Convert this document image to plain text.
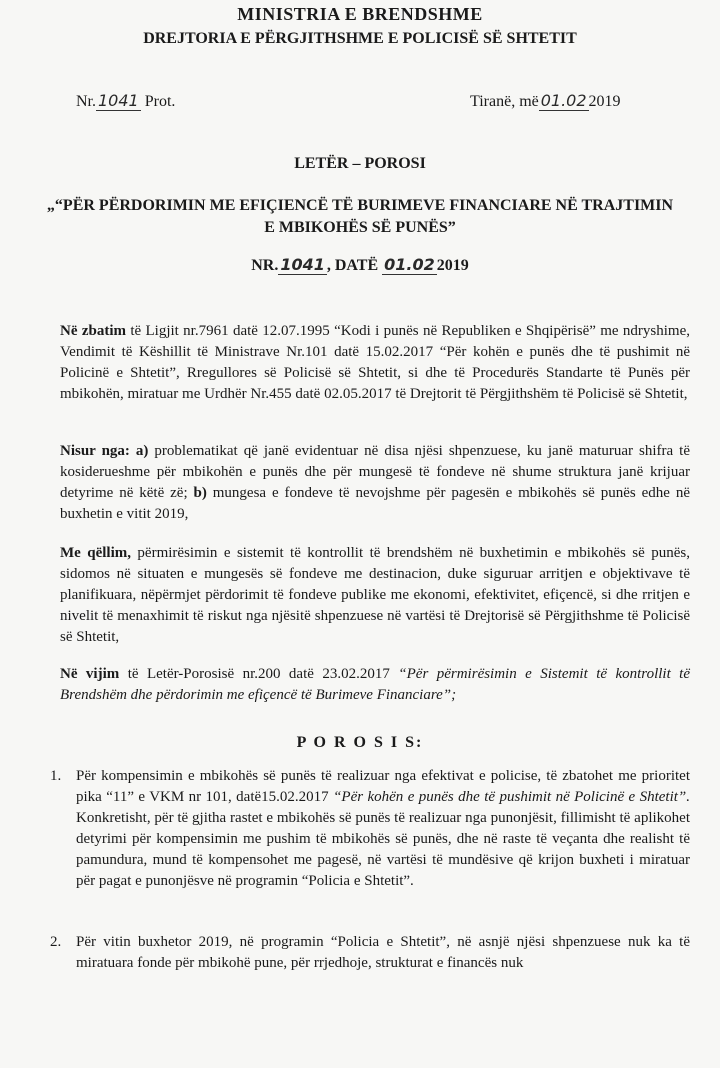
MINISTRIA E BRENDSHME
DREJTORIA E PËRGJITHSHME E POLICISË SË SHTETIT
Nr. 1041 Prot.	Tiranë, më 01.02 2019
LETËR – POROSI
„“PËR PËRDORIMIN ME EFIÇIENCË TË BURIMEVE FINANCIARE NË TRAJTIMIN E MBIKOHËS SË PUNËS”
NR. 1041 , DATË 01.02 2019
Në zbatim të Ligjit nr.7961 datë 12.07.1995 “Kodi i punës në Republiken e Shqipërisë” me ndryshime, Vendimit të Këshillit të Ministrave Nr.101 datë 15.02.2017 “Për kohën e punës dhe të pushimit në Policinë e Shtetit”, Rregullores së Policisë së Shtetit, si dhe të Procedurës Standarte të Punës për mbikohën, miratuar me Urdhër Nr.455 datë 02.05.2017 të Drejtorit të Përgjithshëm të Policisë së Shtetit,
Nisur nga: a) problematikat që janë evidentuar në disa njësi shpenzuese, ku janë maturuar shifra të kosiderueshme për mbikohën e punës dhe për mungesë të fondeve në shume struktura janë krijuar detyrime në këtë zë; b) mungesa e fondeve të nevojshme për pagesën e mbikohës së punës edhe në buxhetin e vitit 2019,
Me qëllim, përmirësimin e sistemit të kontrollit të brendshëm në buxhetimin e mbikohës së punës, sidomos në situaten e mungesës së fondeve me destinacion, duke siguruar arritjen e objektivave të planifikuara, nëpërmjet përdorimit të fondeve publike me ekonomi, efektivitet, efiçencë, si dhe rritjen e nivelit të menaxhimit të riskut nga njësitë shpenzuese në vartësi të Drejtorisë së Përgjithshme të Policisë së Shtetit,
Në vijim të Letër-Porosisë nr.200 datë 23.02.2017 “Për përmirësimin e Sistemit të kontrollit të Brendshëm dhe përdorimin me efiçencë të Burimeve Financiare”;
P O R O S I S:
1. Për kompensimin e mbikohës së punës të realizuar nga efektivat e policise, të zbatohet me prioritet pika “11” e VKM nr 101, datë15.02.2017 “Për kohën e punës dhe të pushimit në Policinë e Shtetit”. Konkretisht, për të gjitha rastet e mbikohës së punës të realizuar nga punonjësit, fillimisht të aplikohet detyrimi për kompensimin me pushim të mbikohës së punës, dhe në raste të veçanta dhe realisht të pamundura, mund të kompensohet me pagesë, në vartësi të mundësive që krijon buxheti i miratuar për pagat e punonjësve në programin “Policia e Shtetit”.
2. Për vitin buxhetor 2019, në programin “Policia e Shtetit”, në asnjë njësi shpenzuese nuk ka të miratuara fonde për mbikohë pune, për rrjedhoje, strukturat e financës nuk
